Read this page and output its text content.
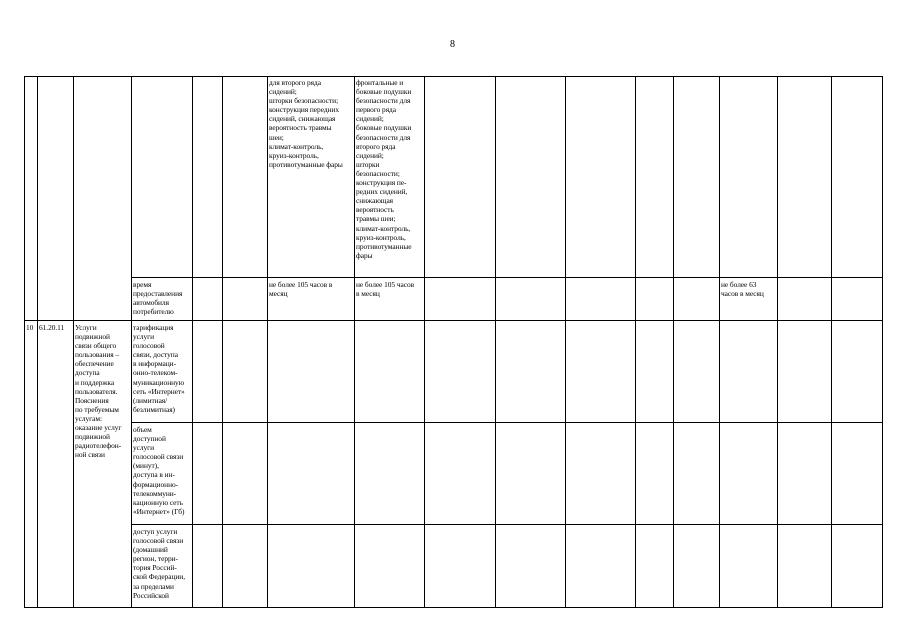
8
для второго ряда
сидений;
шторки безопасности;
конструкция передних
сидений, снижающая
вероятность травмы
шеи;
климат-контроль,
круиз-контроль,
противотуманные фары
фронтальные и
боковые подушки
безопасности для
первого ряда
сидений;
боковые подушки
безопасности для
второго ряда
сидений;
шторки
безопасности;
конструкция пе-
редних сидений,
снижающая
вероятность
травмы шеи;
климат-контроль,
круиз-контроль,
противотуманные
фары
время
предоставления
автомобиля
потребителю
не более 105 часов в
месяц
не более 105 часов
в месяц
не более 63
часов в месяц
10 61.20.11	Услуги
подвижной
связи общего
пользования –
обеспечение
доступа
и поддержка
пользователя.
Пояснения
по требуемым
услугам:
оказание услуг
подвижной
радиотелефон-
ной связи
тарификация
услуги
голосовой
связи, доступа
в информаци-
онно-телеком-
муникационную
сеть «Интернет»
(лимитная/
безлимитная)
объем
доступной
услуги
голосовой связи
(минут),
доступа в ин-
формационно-
телекоммуни-
кационную сеть
«Интернет» (Гб)
доступ услуги
голосовой связи
(домашний
регион, терри-
тория Россий-
ской Федерации,
за пределами
Российской
